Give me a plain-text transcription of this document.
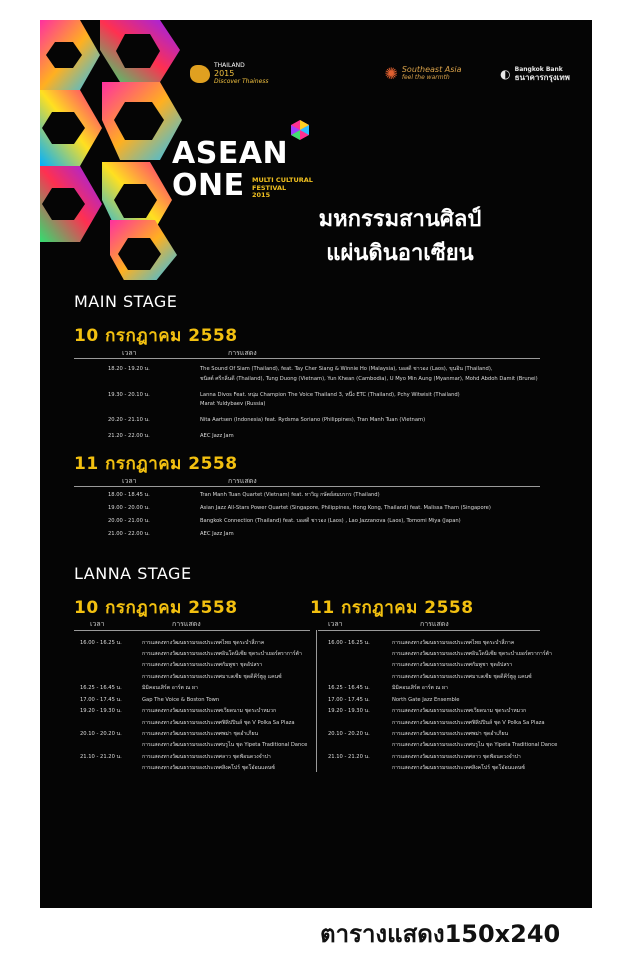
THAILAND
2015
Discover Thainess	✺ Southeast Asia
feel the warmth	◐ Bangkok Bank
ธนาคารกรุงเทพ
ASEAN
ONE	MULTI CULTURAL
FESTIVAL
2015
มหกรรมสานศิลป์
แผ่นดินอาเซียน
MAIN STAGE
10 กรกฎาคม 2558
เวลา	การแสดง
18.20 - 19.20 น.	The Sound Of Siam (Thailand), feat. Tay Cher Siang & Winnie Ho (Malaysia), บอสดี ชาวอง (Laos), ขุนอิน (Thailand),
ชนิสต์ ศรีกลิ่นดี (Thailand), Tung Duong (Vietnam), Yun Khean (Cambodia), U Myo Min Aung (Myanmar), Mohd Abdoh Damit (Brunei)
19.30 - 20.10 น.	Lanna Divos Feat. หนุ่ม Champion The Voice Thailand 3, หนึ่ง ETC (Thailand), Pchy Witwisit (Thailand)
Marat Yuldybaev (Russia)
20.20 - 21.10 น.	Nita Aartsen (Indonesia) feat. Rydsma Soriano (Philippines), Tran Manh Tuan (Vietnam)
21.20 - 22.00 น.	AEC Jazz Jam
11 กรกฎาคม 2558
เวลา	การแสดง
18.00 - 18.45 น.	Tran Manh Tuan Quartet (Vietnam) feat. ทาวิญ กษัตย์สมบรกร (Thailand)
19.00 - 20.00 น.	Asian Jazz All-Stars Power Quartet (Singapore, Philippines, Hong Kong, Thailand) feat. Malissa Tham (Singapore)
20.00 - 21.00 น.	Bangkok Connection (Thailand) feat. บอสดี ชาวอง (Laos) , Lao Jazzanova (Laos), Tomomi Miya (Japan)
21.00 - 22.00 น.	AEC Jazz Jam
LANNA STAGE
10 กรกฎาคม 2558
เวลา	การแสดง
16.00 - 16.25 น.	การแสดงทางวัฒนธรรมของประเทศไทย ชุดระบำสี่ภาค
การแสดงทางวัฒนธรรมของประเทศอินโดนีเซีย ชุดระบำเยอร์ตราการ์ต้า
การแสดงทางวัฒนธรรมของประเทศกัมพูชา ชุดอัปสรา
การแสดงทางวัฒนธรรมของประเทศมาเลเซีย ชุดดีคีร์ฮูลู แคนซ์
16.25 - 16.45 น.	มิมิคอนเสิร์ต อาร์ต ณ ผา
17.00 - 17.45 น.	Gap The Voice & Boston Town
19.20 - 19.30 น.	การแสดงทางวัฒนธรรมของประเทศเวียดนาม ชุดระบำหมวก
การแสดงทางวัฒนธรรมของประเทศฟิลิปปินส์ ชุด V Polka Sa Plaza
20.10 - 20.20 น.	การแสดงทางวัฒนธรรมของประเทศพม่า ชุดอำเภียน
การแสดงทางวัฒนธรรมของประเทศบรูไน ชุด Yipeta Traditional Dance
21.10 - 21.20 น.	การแสดงทางวัฒนธรรมของประเทศลาว ชุดฟ้อนดวงจำปา
การแสดงทางวัฒนธรรมของประเทศสิงคโปร์ ชุดโอ๋อนแดนซ์
11 กรกฎาคม 2558
เวลา	การแสดง
16.00 - 16.25 น.	การแสดงทางวัฒนธรรมของประเทศไทย ชุดระบำสี่ภาค
การแสดงทางวัฒนธรรมของประเทศอินโดนีเซีย ชุดระบำเยอร์ตราการ์ต้า
การแสดงทางวัฒนธรรมของประเทศกัมพูชา ชุดอัปสรา
การแสดงทางวัฒนธรรมของประเทศมาเลเซีย ชุดดีคีร์ฮูลู แคนซ์
16.25 - 16.45 น.	มิมิคอนเสิร์ต อาร์ต ณ ผา
17.00 - 17.45 น.	North Gate Jazz Ensemble
19.20 - 19.30 น.	การแสดงทางวัฒนธรรมของประเทศเวียดนาม ชุดระบำหมวก
การแสดงทางวัฒนธรรมของประเทศฟิลิปปินส์ ชุด V Polka Sa Plaza
20.10 - 20.20 น.	การแสดงทางวัฒนธรรมของประเทศพม่า ชุดอำเภียน
การแสดงทางวัฒนธรรมของประเทศบรูไน ชุด Yipeta Traditional Dance
21.10 - 21.20 น.	การแสดงทางวัฒนธรรมของประเทศลาว ชุดฟ้อนดวงจำปา
การแสดงทางวัฒนธรรมของประเทศสิงคโปร์ ชุดโอ๋อนแดนซ์
ตารางแสดง150x240
